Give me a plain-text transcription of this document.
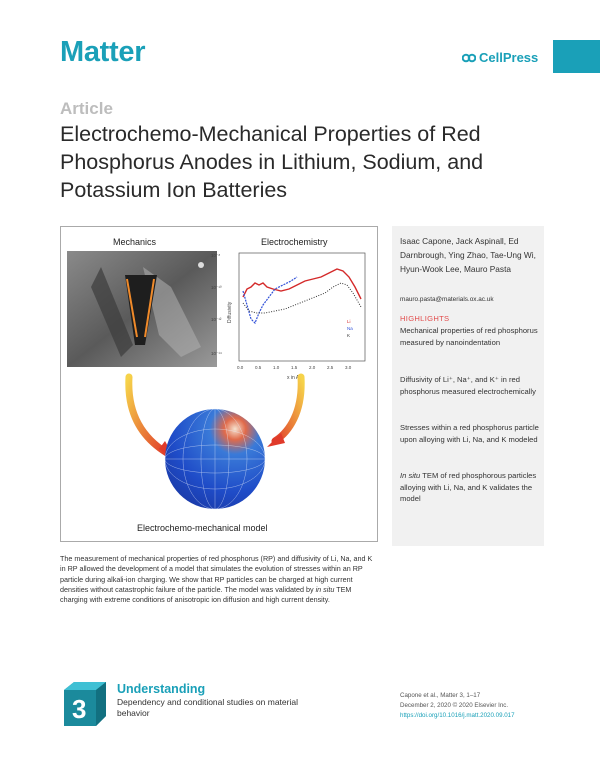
Matter	CellPress
Article
Electrochemo-Mechanical Properties of Red Phosphorus Anodes in Lithium, Sodium, and Potassium Ion Batteries
Mechanics	Electrochemistry
10⁻⁸
10⁻¹⁰
10⁻¹²
10⁻¹⁴
Diffusivity
0.0	0.5	1.0	1.5	2.0	2.5	3.0
x in AₓP
Li
Na
K
Electrochemo-mechanical model
Isaac Capone, Jack Aspinall, Ed Darnbrough, Ying Zhao, Tae-Ung Wi, Hyun-Wook Lee, Mauro Pasta
mauro.pasta@materials.ox.ac.uk
HIGHLIGHTS
Mechanical properties of red phosphorus measured by nanoindentation
Diffusivity of Li⁺, Na⁺, and K⁺ in red phosphorus measured electrochemically
Stresses within a red phosphorus particle upon alloying with Li, Na, and K modeled
In situ TEM of red phosphorous particles alloying with Li, Na, and K validates the model
The measurement of mechanical properties of red phosphorus (RP) and diffusivity of Li, Na, and K in RP allowed the development of a model that simulates the evolution of stresses within an RP particle during alkali-ion charging. We show that RP particles can be charged at high current densities without catastrophic failure of the particle. The model was validated by in situ TEM charging with extreme conditions of anisotropic ion diffusion and high current density.
3
Understanding
Dependency and conditional studies on material behavior
Capone et al., Matter 3, 1–17
December 2, 2020 © 2020 Elsevier Inc.
https://doi.org/10.1016/j.matt.2020.09.017
